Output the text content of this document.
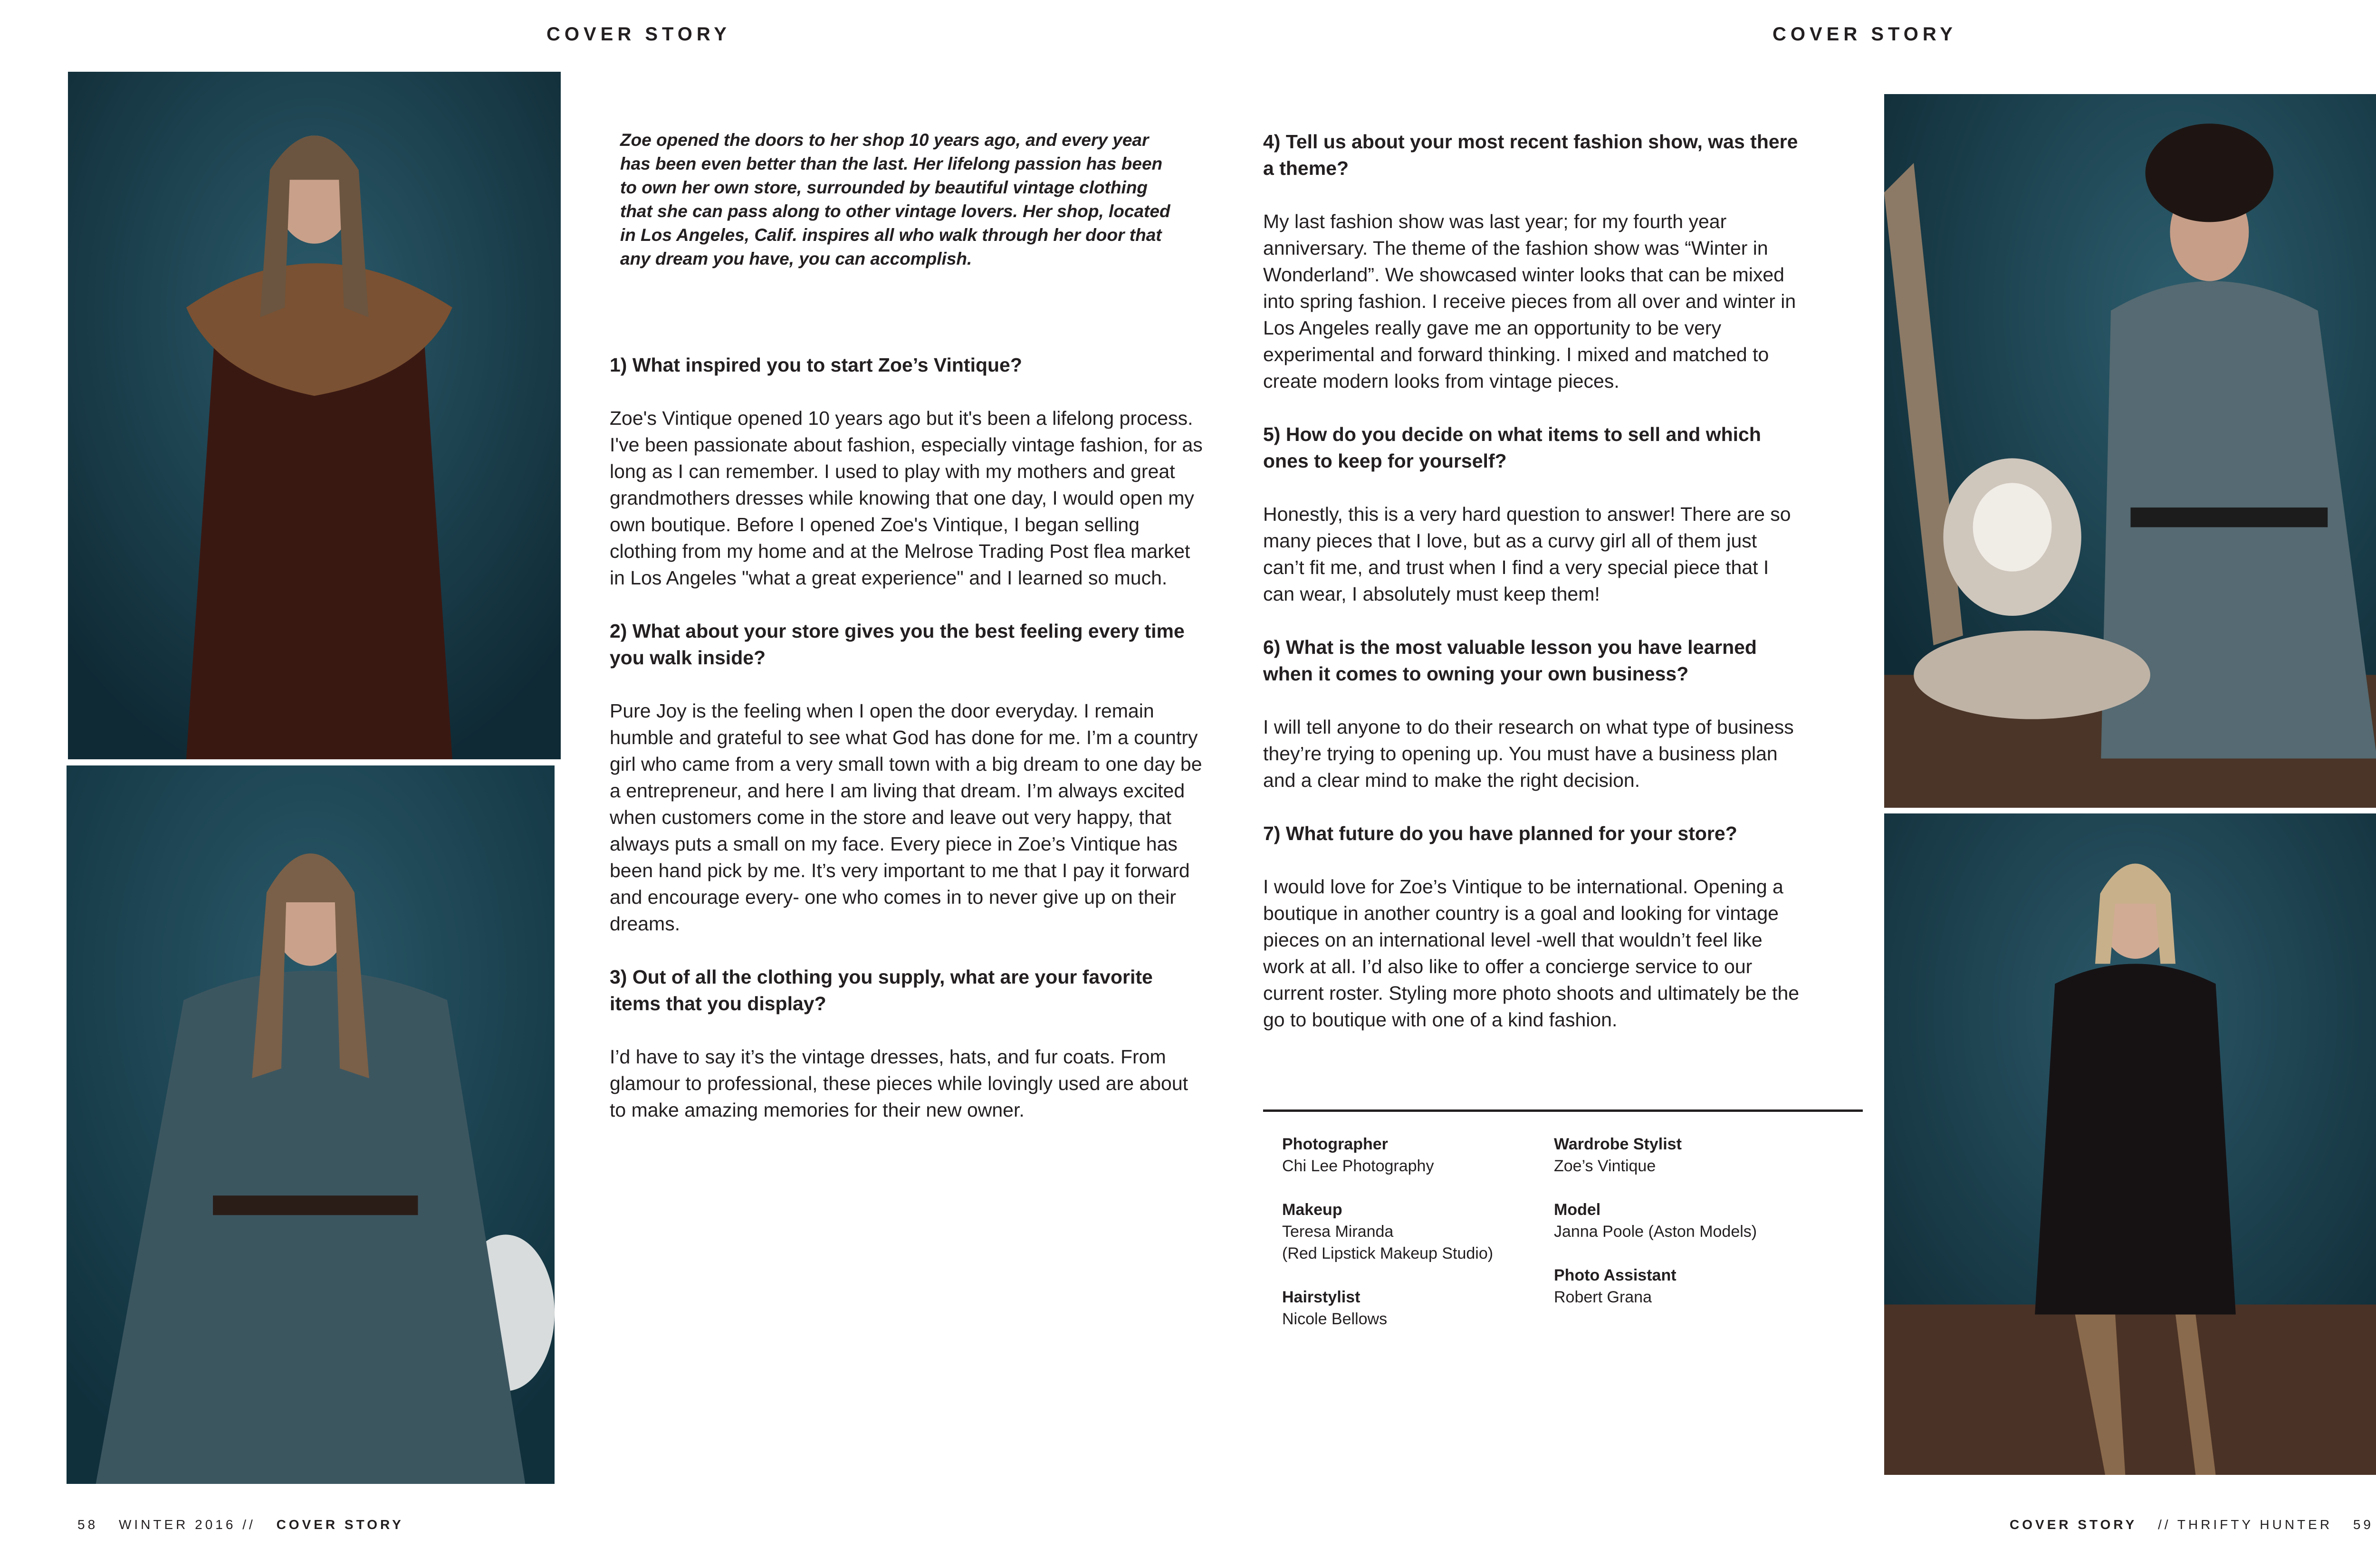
COVER STORY	COVER STORY

Zoe opened the doors to her shop 10 years ago, and every year has been even better than the last. Her lifelong passion has been to own her own store, surrounded by beautiful vintage clothing that she can pass along to other vintage lovers. Her shop, located in Los Angeles, Calif. inspires all who walk through her door that any dream you have, you can accomplish.

1) What inspired you to start Zoe’s Vintique?

Zoe's Vintique opened 10 years ago but it's been a lifelong process. I've been passionate about fashion, especially vintage fashion, for as long as I can remember. I used to play with my mothers and great grandmothers dresses while knowing that one day, I would open my own boutique. Before I opened Zoe's Vintique, I began selling clothing from my home and at the Melrose Trading Post flea market in Los Angeles "what a great experience" and I learned so much.

2) What about your store gives you the best feeling every time you walk inside?

Pure Joy is the feeling when I open the door everyday. I remain humble and grateful to see what God has done for me. I’m a country girl who came from a very small town with a big dream to one day be a entrepreneur, and here I am living that dream. I’m always excited when customers come in the store and leave out very happy, that always puts a small on my face. Every piece in Zoe’s Vintique has been hand pick by me. It’s very important to me that I pay it forward and encourage every- one who comes in to never give up on their dreams.

3) Out of all the clothing you supply, what are your favorite items that you display?

I’d have to say it’s the vintage dresses, hats, and fur coats. From glamour to professional, these pieces while lovingly used are about to make amazing memories for their new owner.

4) Tell us about your most recent fashion show, was there a theme?

My last fashion show was last year; for my fourth year anniversary. The theme of the fashion show was “Winter in Wonderland”. We showcased winter looks that can be mixed into spring fashion. I receive pieces from all over and winter in Los Angeles really gave me an opportunity to be very experimental and forward thinking. I mixed and matched to create modern looks from vintage pieces.

5) How do you decide on what items to sell and which ones to keep for yourself?

Honestly, this is a very hard question to answer! There are so many pieces that I love, but as a curvy girl all of them just can’t fit me, and trust when I find a very special piece that I can wear, I absolutely must keep them!

6) What is the most valuable lesson you have learned when it comes to owning your own business?

I will tell anyone to do their research on what type of business they’re trying to opening up. You must have a business plan and a clear mind to make the right decision.

7) What future do you have planned for your store?

I would love for Zoe’s Vintique to be international. Opening a boutique in another country is a goal and looking for vintage pieces on an international level -well that wouldn’t feel like work at all. I’d also like to offer a concierge service to our current roster. Styling more photo shoots and ultimately be the go to boutique with one of a kind fashion.

Photographer
Chi Lee Photography
Makeup
Teresa Miranda
(Red Lipstick Makeup Studio)
Hairstylist
Nicole Bellows
Wardrobe Stylist
Zoe’s Vintique
Model
Janna Poole (Aston Models)
Photo Assistant
Robert Grana
58 WINTER 2016 // COVER STORY	COVER STORY // THRIFTY HUNTER 59
